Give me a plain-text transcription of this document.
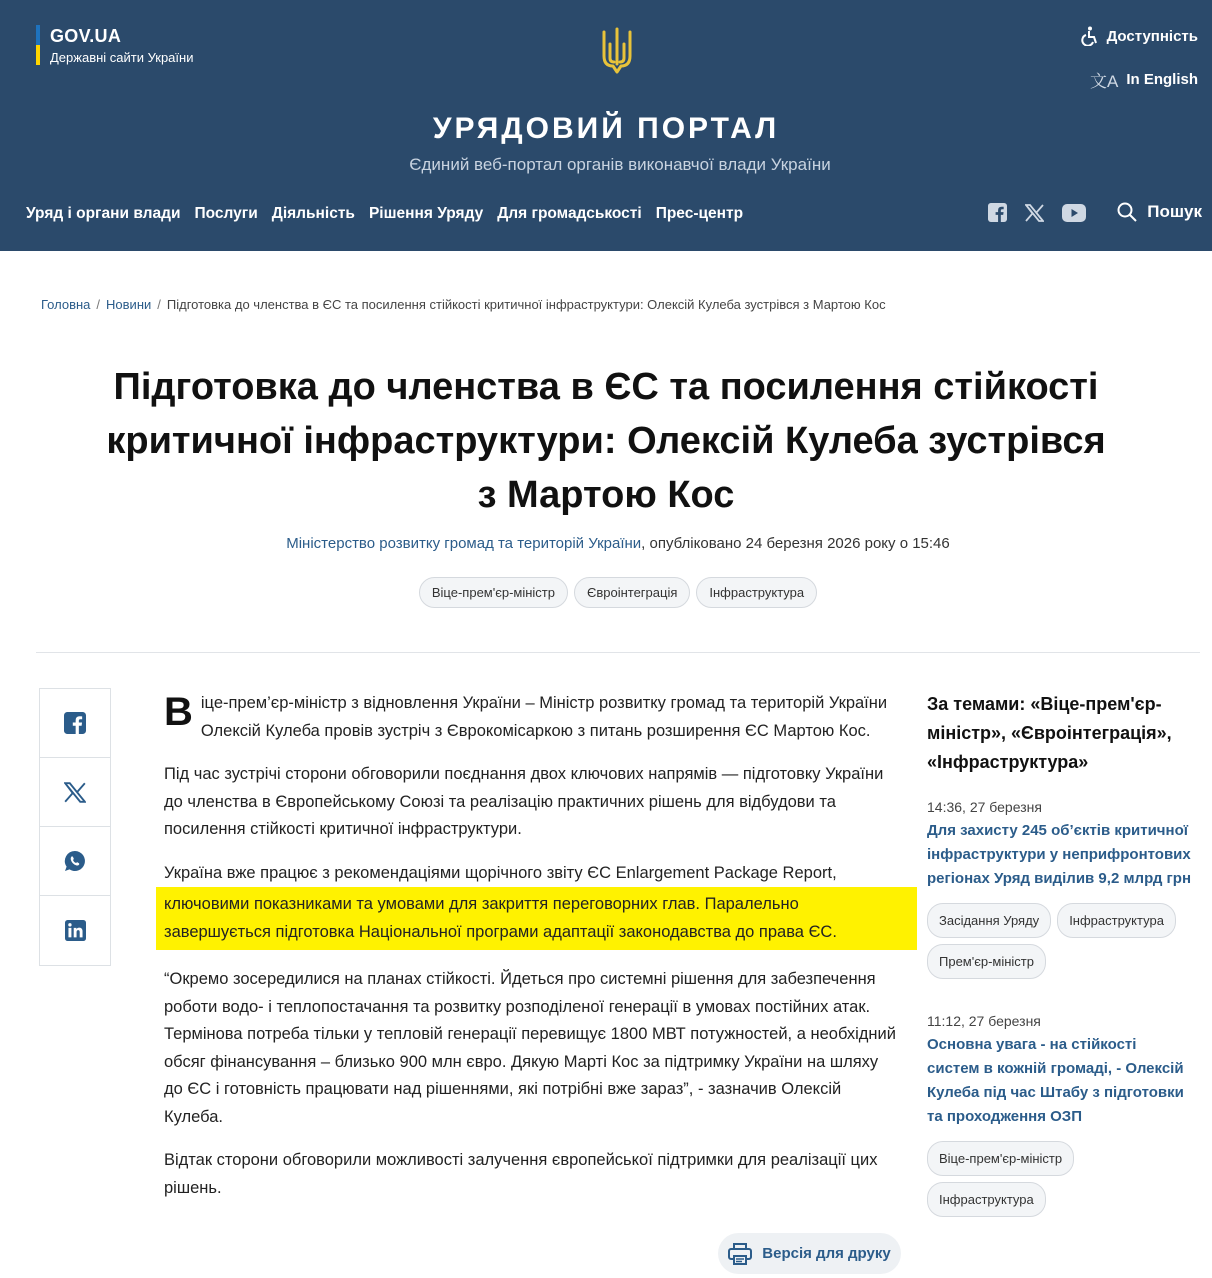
GOV.UA
Державні сайти України
Доступність
文A In English
УРЯДОВИЙ ПОРТАЛ
Єдиний веб-портал органів виконавчої влади України
Уряд і органи влади Послуги Діяльність Рішення Уряду Для громадськості Прес-центр	Пошук
Головна / Новини / Підготовка до членства в ЄС та посилення стійкості критичної інфраструктури: Олексій Кулеба зустрівся з Мартою Кос
Підготовка до членства в ЄС та посилення стійкості критичної інфраструктури: Олексій Кулеба зустрівся з Мартою Кос
Міністерство розвитку громад та територій України, опубліковано 24 березня 2026 року о 15:46
Віце-прем'єр-міністр	Євроінтеграція	Інфраструктура

Віце-прем’єр-міністр з відновлення України – Міністр розвитку громад та територій України Олексій Кулеба провів зустріч з Єврокомісаркою з питань розширення ЄС Мартою Кос.

Під час зустрічі сторони обговорили поєднання двох ключових напрямів — підготовку України до членства в Європейському Союзі та реалізацію практичних рішень для відбудови та посилення стійкості критичної інфраструктури.

Україна вже працює з рекомендаціями щорічного звіту ЄС Enlargement Package Report,
ключовими показниками та умовами для закриття переговорних глав. Паралельно завершується підготовка Національної програми адаптації законодавства до права ЄС.

“Окремо зосередилися на планах стійкості. Йдеться про системні рішення для забезпечення роботи водо- і теплопостачання та розвитку розподіленої генерації в умовах постійних атак. Термінова потреба тільки у тепловій генерації перевищує 1800 МВТ потужностей, а необхідний обсяг фінансування – близько 900 млн євро. Дякую Марті Кос за підтримку України на шляху до ЄС і готовність працювати над рішеннями, які потрібні вже зараз”, - зазначив Олексій Кулеба.

Відтак сторони обговорили можливості залучення європейської підтримки для реалізації цих рішень.

Версія для друку
За темами: «Віце-прем'єр-міністр», «Євроінтеграція», «Інфраструктура»
14:36, 27 березня
Для захисту 245 об’єктів критичної інфраструктури у неприфронтових регіонах Уряд виділив 9,2 млрд грн
Засідання Уряду	Інфраструктура
Прем'єр-міністр
11:12, 27 березня
Основна увага - на стійкості систем в кожній громаді, - Олексій Кулеба під час Штабу з підготовки та проходження ОЗП
Віце-прем'єр-міністр
Інфраструктура
